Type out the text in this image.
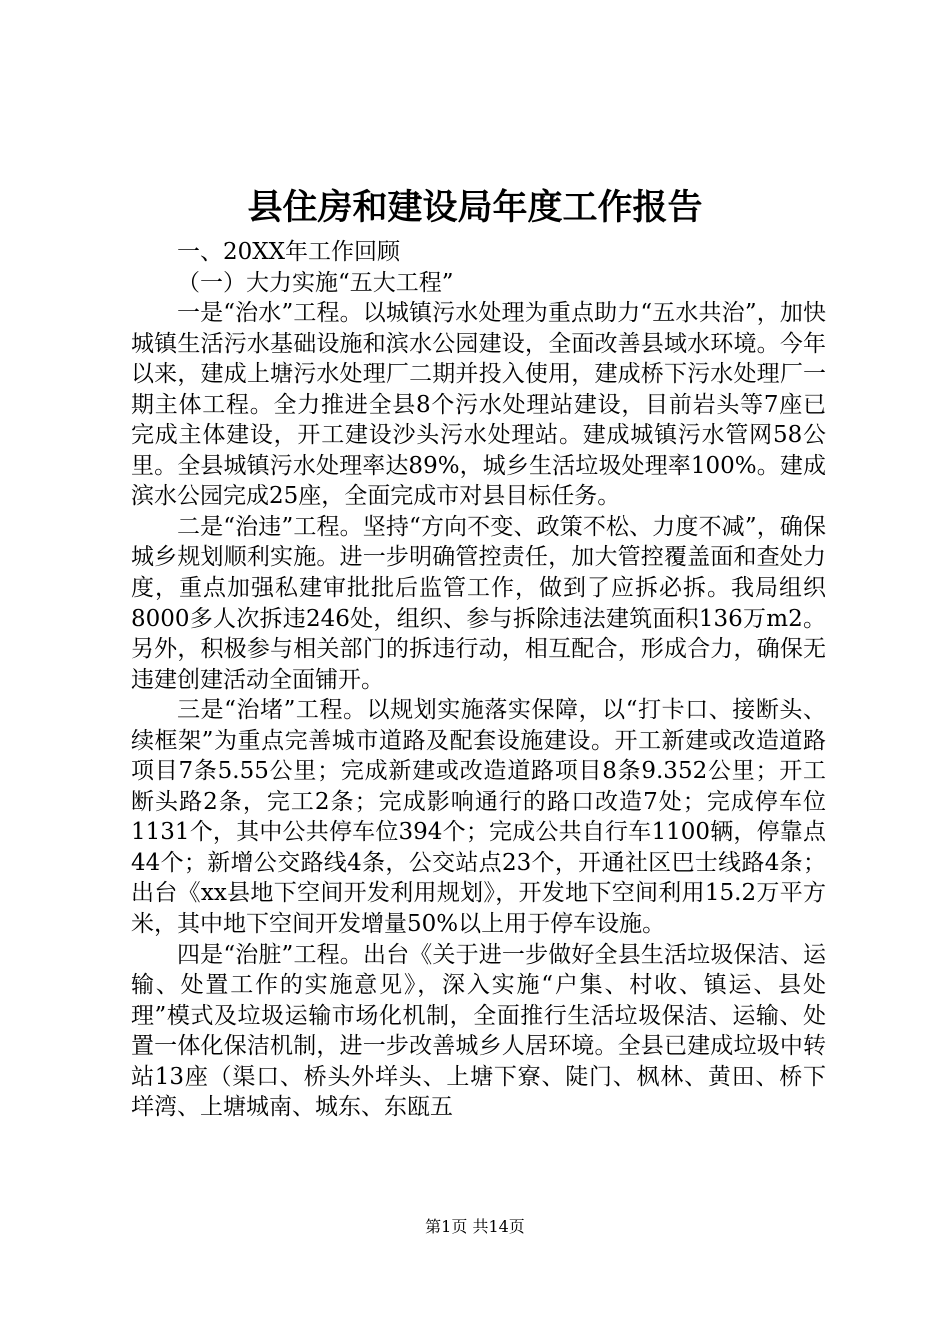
县住房和建设局年度工作报告

一、20XX年工作回顾

（一）大力实施“五大工程”

一是“治水”工程。以城镇污水处理为重点助力“五水共治”，加快城镇生活污水基础设施和滨水公园建设，全面改善县域水环境。今年以来，建成上塘污水处理厂二期并投入使用，建成桥下污水处理厂一期主体工程。全力推进全县8个污水处理站建设，目前岩头等7座已完成主体建设，开工建设沙头污水处理站。建成城镇污水管网58公里。全县城镇污水处理率达89%，城乡生活垃圾处理率100%。建成滨水公园完成25座，全面完成市对县目标任务。

二是“治违”工程。坚持“方向不变、政策不松、力度不减”，确保城乡规划顺利实施。进一步明确管控责任，加大管控覆盖面和查处力度，重点加强私建审批批后监管工作，做到了应拆必拆。我局组织8000多人次拆违246处，组织、参与拆除违法建筑面积136万m2。另外，积极参与相关部门的拆违行动，相互配合，形成合力，确保无违建创建活动全面铺开。

三是“治堵”工程。以规划实施落实保障，以“打卡口、接断头、续框架”为重点完善城市道路及配套设施建设。开工新建或改造道路项目7条5.55公里；完成新建或改造道路项目8条9.352公里；开工断头路2条，完工2条；完成影响通行的路口改造7处；完成停车位1131个，其中公共停车位394个；完成公共自行车1100辆，停靠点44个；新增公交路线4条，公交站点23个，开通社区巴士线路4条；出台《xx县地下空间开发利用规划》，开发地下空间利用15.2万平方米，其中地下空间开发增量50%以上用于停车设施。

四是“治脏”工程。出台《关于进一步做好全县生活垃圾保洁、运输、处置工作的实施意见》，深入实施“户集、村收、镇运、县处理”模式及垃圾运输市场化机制，全面推行生活垃圾保洁、运输、处置一体化保洁机制，进一步改善城乡人居环境。全县已建成垃圾中转站13座（渠口、桥头外垟头、上塘下寮、陡门、枫林、黄田、桥下垟湾、上塘城南、城东、东瓯五

第1页 共14页
